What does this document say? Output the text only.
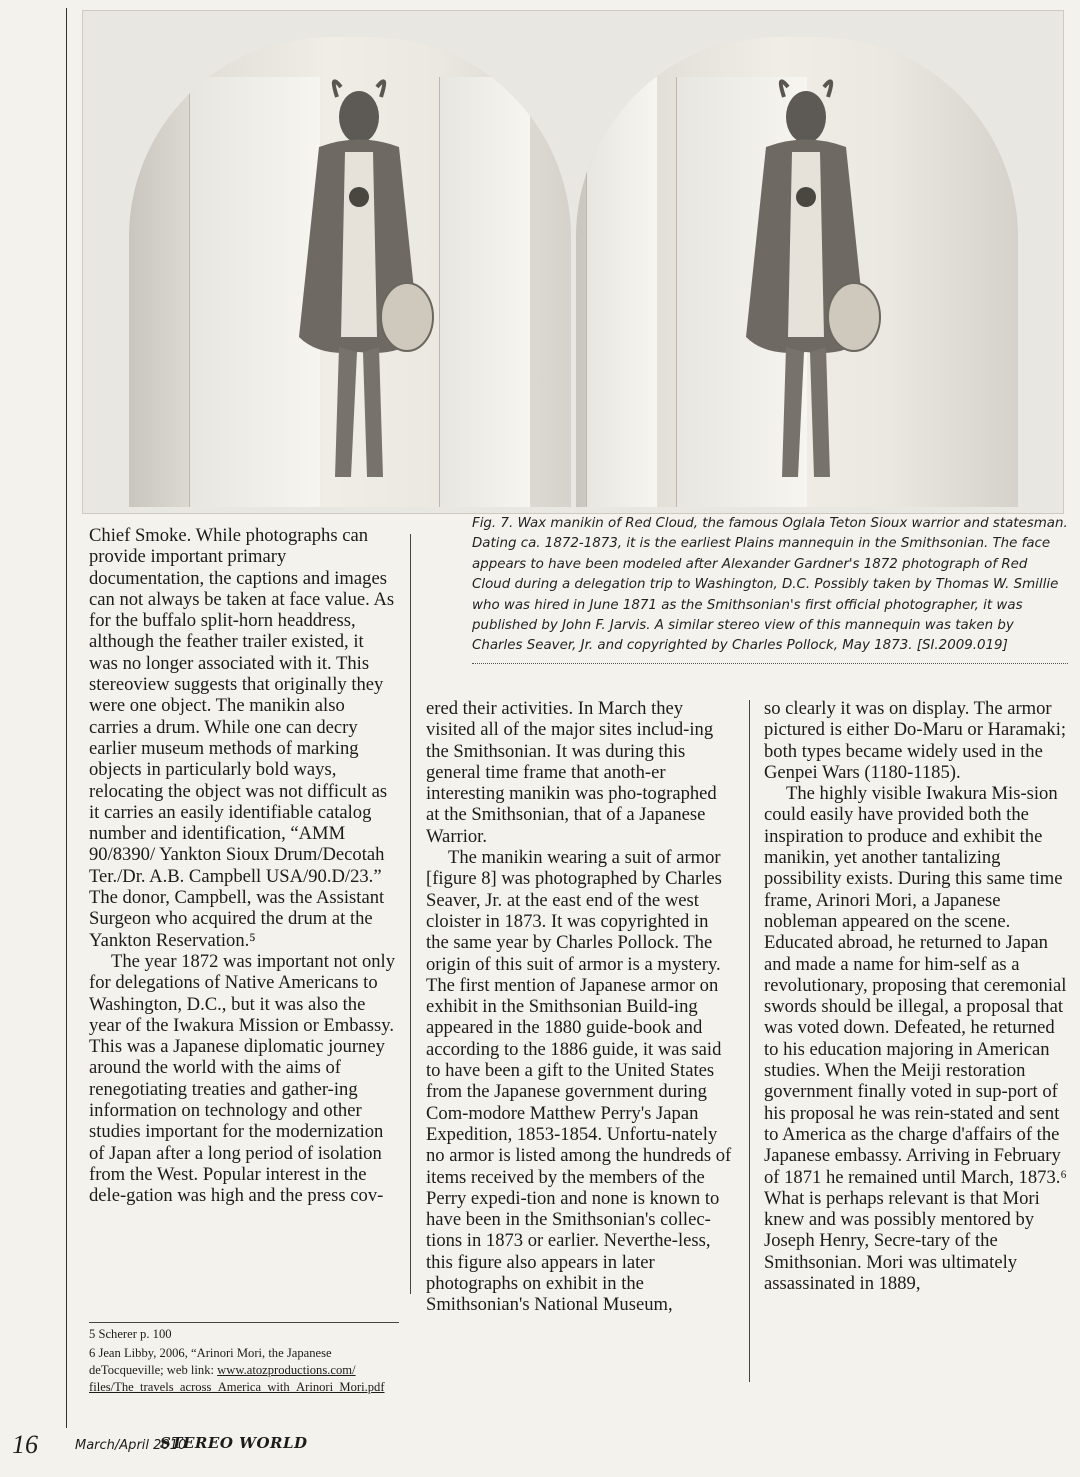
Fig. 7. Wax manikin of Red Cloud, the famous Oglala Teton Sioux warrior and statesman. Dating ca. 1872-1873, it is the earliest Plains mannequin in the Smithsonian. The face appears to have been modeled after Alexander Gardner's 1872 photograph of Red Cloud during a delegation trip to Washington, D.C. Possibly taken by Thomas W. Smillie who was hired in June 1871 as the Smithsonian's first official photographer, it was published by John F. Jarvis. A similar stereo view of this mannequin was taken by Charles Seaver, Jr. and copyrighted by Charles Pollock, May 1873. [SI.2009.019]

Chief Smoke. While photographs can provide important primary documentation, the captions and images can not always be taken at face value. As for the buffalo split-horn headdress, although the feather trailer existed, it was no longer associated with it. This stereoview suggests that originally they were one object. The manikin also carries a drum. While one can decry earlier museum methods of marking objects in particularly bold ways, relocating the object was not difficult as it carries an easily identifiable catalog number and identification, “AMM 90/8390/ Yankton Sioux Drum/Decotah Ter./Dr. A.B. Campbell USA/90.D/23.” The donor, Campbell, was the Assistant Surgeon who acquired the drum at the Yankton Reservation.⁵

The year 1872 was important not only for delegations of Native Americans to Washington, D.C., but it was also the year of the Iwakura Mission or Embassy. This was a Japanese diplomatic journey around the world with the aims of renegotiating treaties and gather-ing information on technology and other studies important for the modernization of Japan after a long period of isolation from the West. Popular interest in the dele-gation was high and the press cov-

ered their activities. In March they visited all of the major sites includ-ing the Smithsonian. It was during this general time frame that anoth-er interesting manikin was pho-tographed at the Smithsonian, that of a Japanese Warrior.

The manikin wearing a suit of armor [figure 8] was photographed by Charles Seaver, Jr. at the east end of the west cloister in 1873. It was copyrighted in the same year by Charles Pollock. The origin of this suit of armor is a mystery. The first mention of Japanese armor on exhibit in the Smithsonian Build-ing appeared in the 1880 guide-book and according to the 1886 guide, it was said to have been a gift to the United States from the Japanese government during Com-modore Matthew Perry's Japan Expedition, 1853-1854. Unfortu-nately no armor is listed among the hundreds of items received by the members of the Perry expedi-tion and none is known to have been in the Smithsonian's collec-tions in 1873 or earlier. Neverthe-less, this figure also appears in later photographs on exhibit in the Smithsonian's National Museum,

so clearly it was on display. The armor pictured is either Do-Maru or Haramaki; both types became widely used in the Genpei Wars (1180-1185).

The highly visible Iwakura Mis-sion could easily have provided both the inspiration to produce and exhibit the manikin, yet another tantalizing possibility exists. During this same time frame, Arinori Mori, a Japanese nobleman appeared on the scene. Educated abroad, he returned to Japan and made a name for him-self as a revolutionary, proposing that ceremonial swords should be illegal, a proposal that was voted down. Defeated, he returned to his education majoring in American studies. When the Meiji restoration government finally voted in sup-port of his proposal he was rein-stated and sent to America as the charge d'affairs of the Japanese embassy. Arriving in February of 1871 he remained until March, 1873.⁶ What is perhaps relevant is that Mori knew and was possibly mentored by Joseph Henry, Secre-tary of the Smithsonian. Mori was ultimately assassinated in 1889,

5 Scherer p. 100

6 Jean Libby, 2006, “Arinori Mori, the Japanese deTocqueville; web link: www.atozproductions.com/ files/The_travels_across_America_with_Arinori_Mori.pdf

16	March/April 2010
STEREO WORLD
